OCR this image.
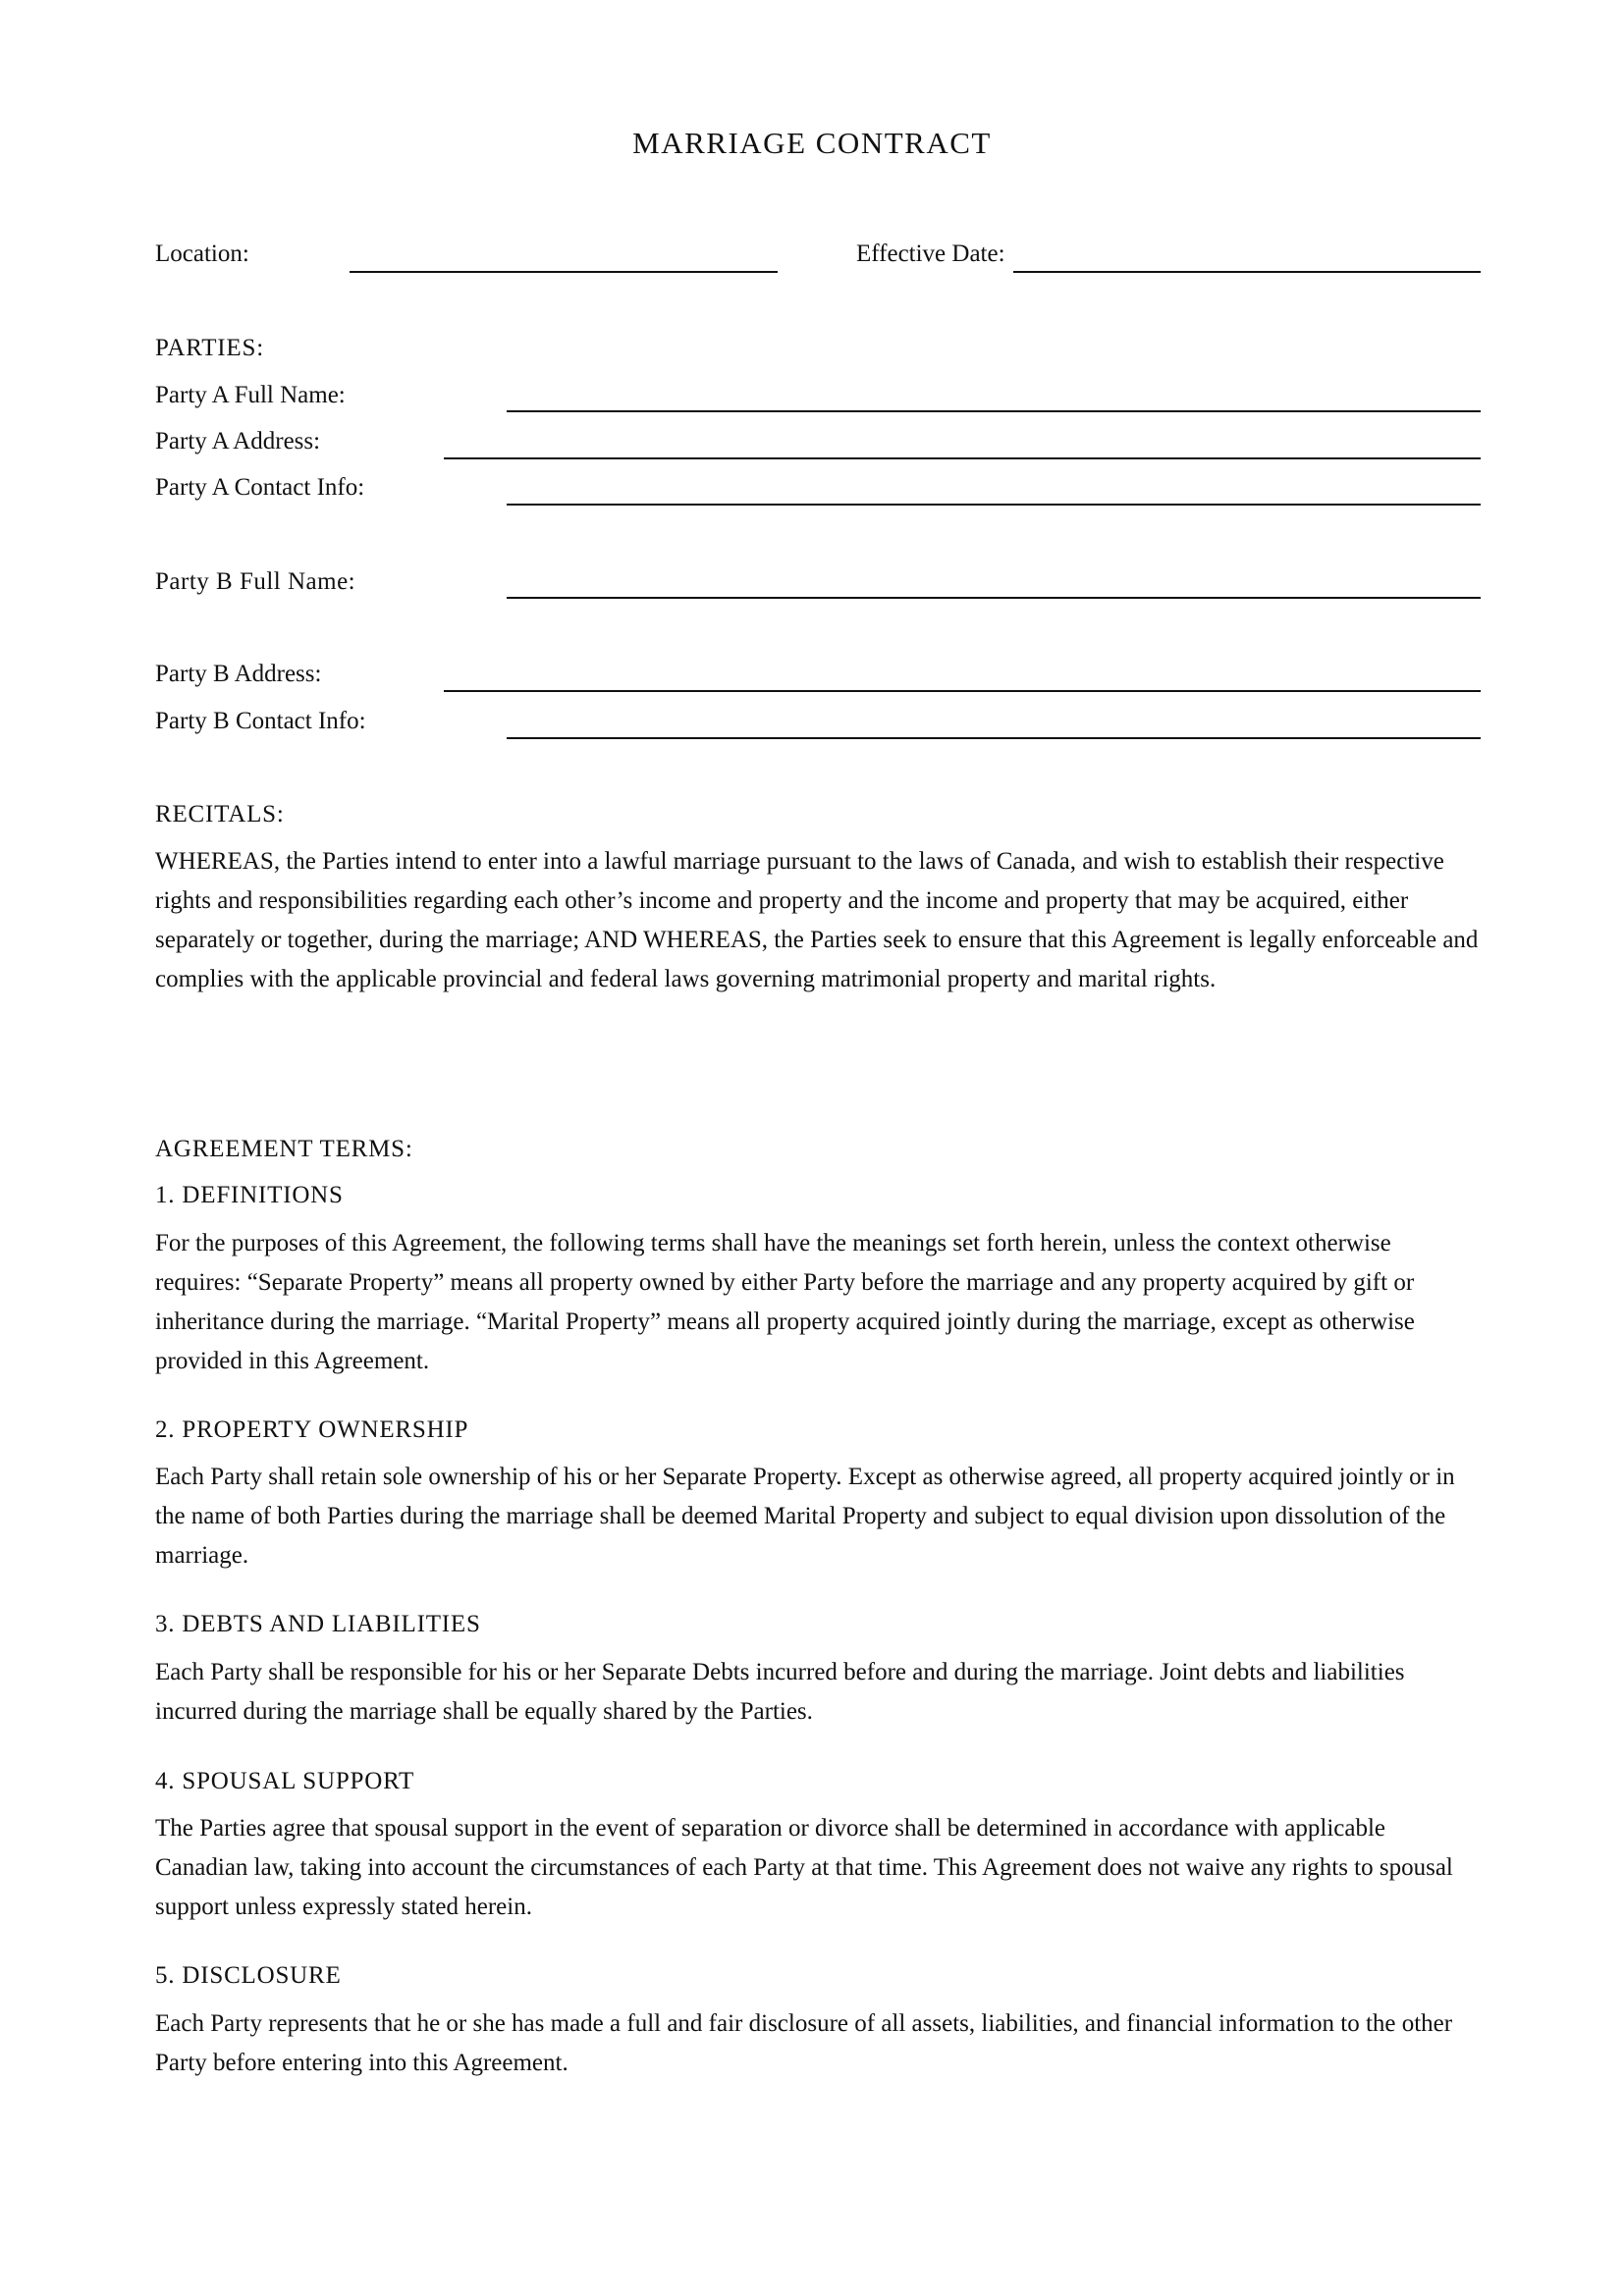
MARRIAGE CONTRACT
Location:	Effective Date:
PARTIES:
Party A Full Name:
Party A Address:
Party A Contact Info:
Party B Full Name:
Party B Address:
Party B Contact Info:
RECITALS:
WHEREAS, the Parties intend to enter into a lawful marriage pursuant to the laws of Canada, and wish to establish their respective rights and responsibilities regarding each other’s income and property and the income and property that may be acquired, either separately or together, during the marriage; AND WHEREAS, the Parties seek to ensure that this Agreement is legally enforceable and complies with the applicable provincial and federal laws governing matrimonial property and marital rights.
AGREEMENT TERMS:
1. DEFINITIONS
For the purposes of this Agreement, the following terms shall have the meanings set forth herein, unless the context otherwise requires: “Separate Property” means all property owned by either Party before the marriage and any property acquired by gift or inheritance during the marriage. “Marital Property” means all property acquired jointly during the marriage, except as otherwise provided in this Agreement.
2. PROPERTY OWNERSHIP
Each Party shall retain sole ownership of his or her Separate Property. Except as otherwise agreed, all property acquired jointly or in the name of both Parties during the marriage shall be deemed Marital Property and subject to equal division upon dissolution of the marriage.
3. DEBTS AND LIABILITIES
Each Party shall be responsible for his or her Separate Debts incurred before and during the marriage. Joint debts and liabilities incurred during the marriage shall be equally shared by the Parties.
4. SPOUSAL SUPPORT
The Parties agree that spousal support in the event of separation or divorce shall be determined in accordance with applicable Canadian law, taking into account the circumstances of each Party at that time. This Agreement does not waive any rights to spousal support unless expressly stated herein.
5. DISCLOSURE
Each Party represents that he or she has made a full and fair disclosure of all assets, liabilities, and financial information to the other Party before entering into this Agreement.
